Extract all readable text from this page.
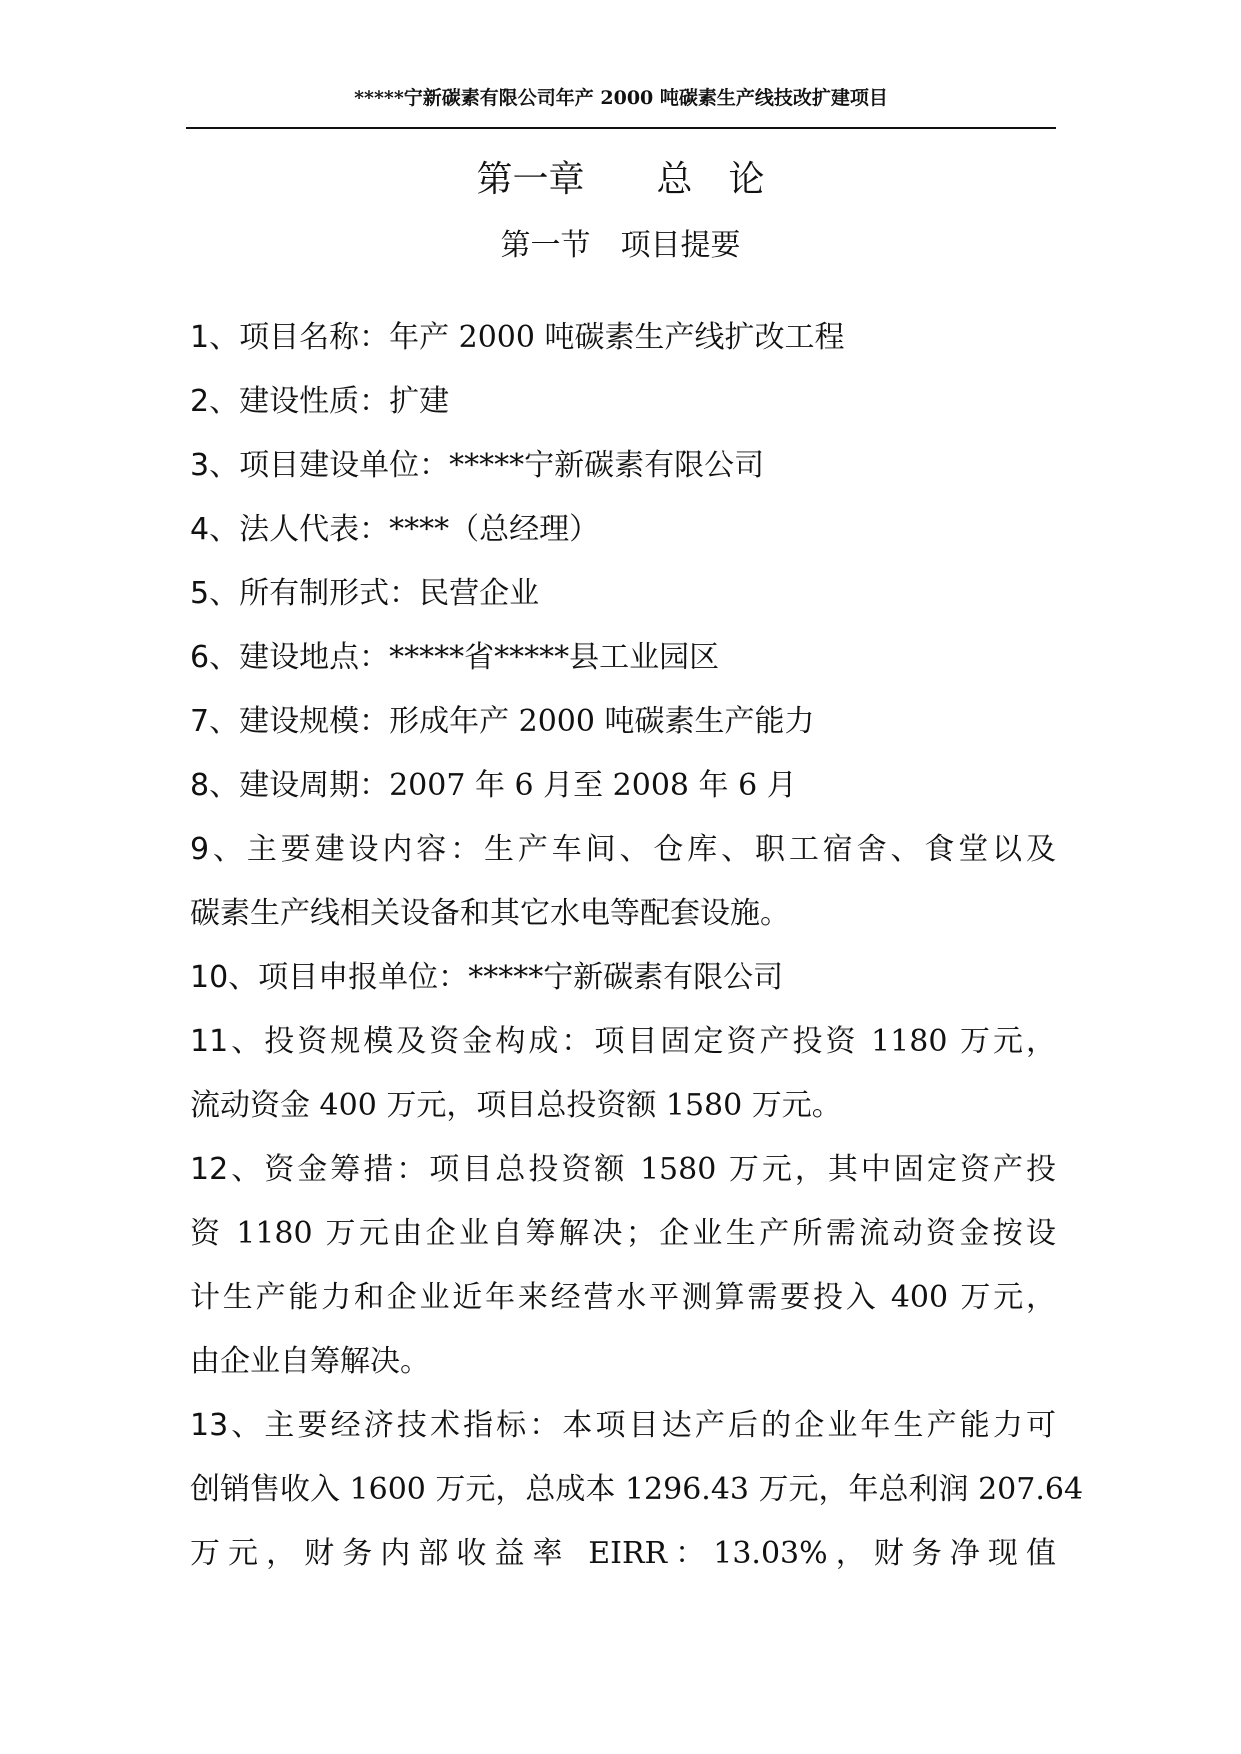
*****宁新碳素有限公司年产 2000 吨碳素生产线技改扩建项目
第一章　　总　论
第一节　项目提要
1、项目名称：年产 2000 吨碳素生产线扩改工程
2、建设性质：扩建
3、项目建设单位：*****宁新碳素有限公司
4、法人代表：****（总经理）
5、所有制形式：民营企业
6、建设地点：*****省*****县工业园区
7、建设规模：形成年产 2000 吨碳素生产能力
8、建设周期：2007 年 6 月至 2008 年 6 月
9、主要建设内容：生产车间、仓库、职工宿舍、食堂以及
碳素生产线相关设备和其它水电等配套设施。
10、项目申报单位：*****宁新碳素有限公司
11、投资规模及资金构成：项目固定资产投资 1180 万元，
流动资金 400 万元，项目总投资额 1580 万元。
12、资金筹措：项目总投资额 1580 万元，其中固定资产投
资 1180 万元由企业自筹解决；企业生产所需流动资金按设
计生产能力和企业近年来经营水平测算需要投入 400 万元，
由企业自筹解决。
13、主要经济技术指标：本项目达产后的企业年生产能力可
创销售收入 1600 万元，总成本 1296.43 万元，年总利润 207.64
万元，财务内部收益率 EIRR：13.03%，财务净现值
